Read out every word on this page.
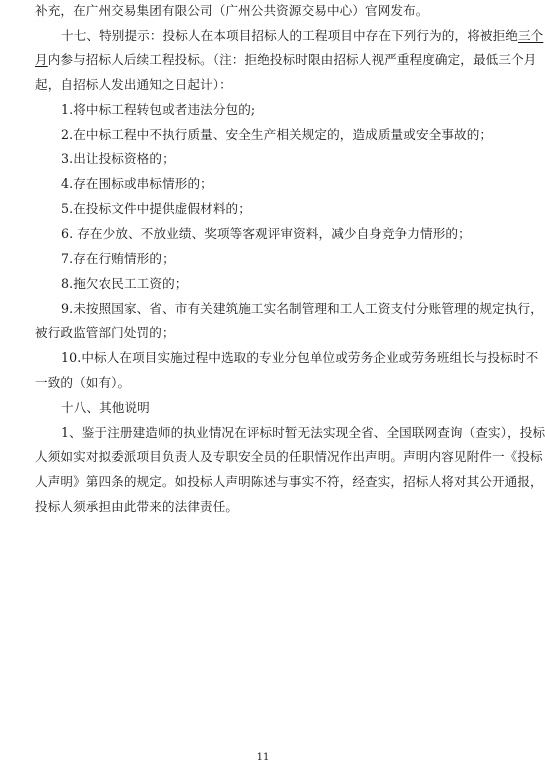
补充，在广州交易集团有限公司（广州公共资源交易中心）官网发布。
十七、特别提示：投标人在本项目招标人的工程项目中存在下列行为的，将被拒绝三个
月内参与招标人后续工程投标。（注：拒绝投标时限由招标人视严重程度确定，最低三个月
起，自招标人发出通知之日起计）：
1.将中标工程转包或者违法分包的;
2.在中标工程中不执行质量、安全生产相关规定的，造成质量或安全事故的；
3.出让投标资格的；
4.存在围标或串标情形的；
5.在投标文件中提供虚假材料的；
6. 存在少放、不放业绩、奖项等客观评审资料，减少自身竞争力情形的；
7.存在行贿情形的；
8.拖欠农民工工资的；
9.未按照国家、省、市有关建筑施工实名制管理和工人工资支付分账管理的规定执行，
被行政监管部门处罚的；
10.中标人在项目实施过程中选取的专业分包单位或劳务企业或劳务班组长与投标时不
一致的（如有）。
十八、其他说明
1、鉴于注册建造师的执业情况在评标时暂无法实现全省、全国联网查询（查实），投标
人须如实对拟委派项目负责人及专职安全员的任职情况作出声明。声明内容见附件一《投标
人声明》第四条的规定。如投标人声明陈述与事实不符，经查实，招标人将对其公开通报，
投标人须承担由此带来的法律责任。
11
